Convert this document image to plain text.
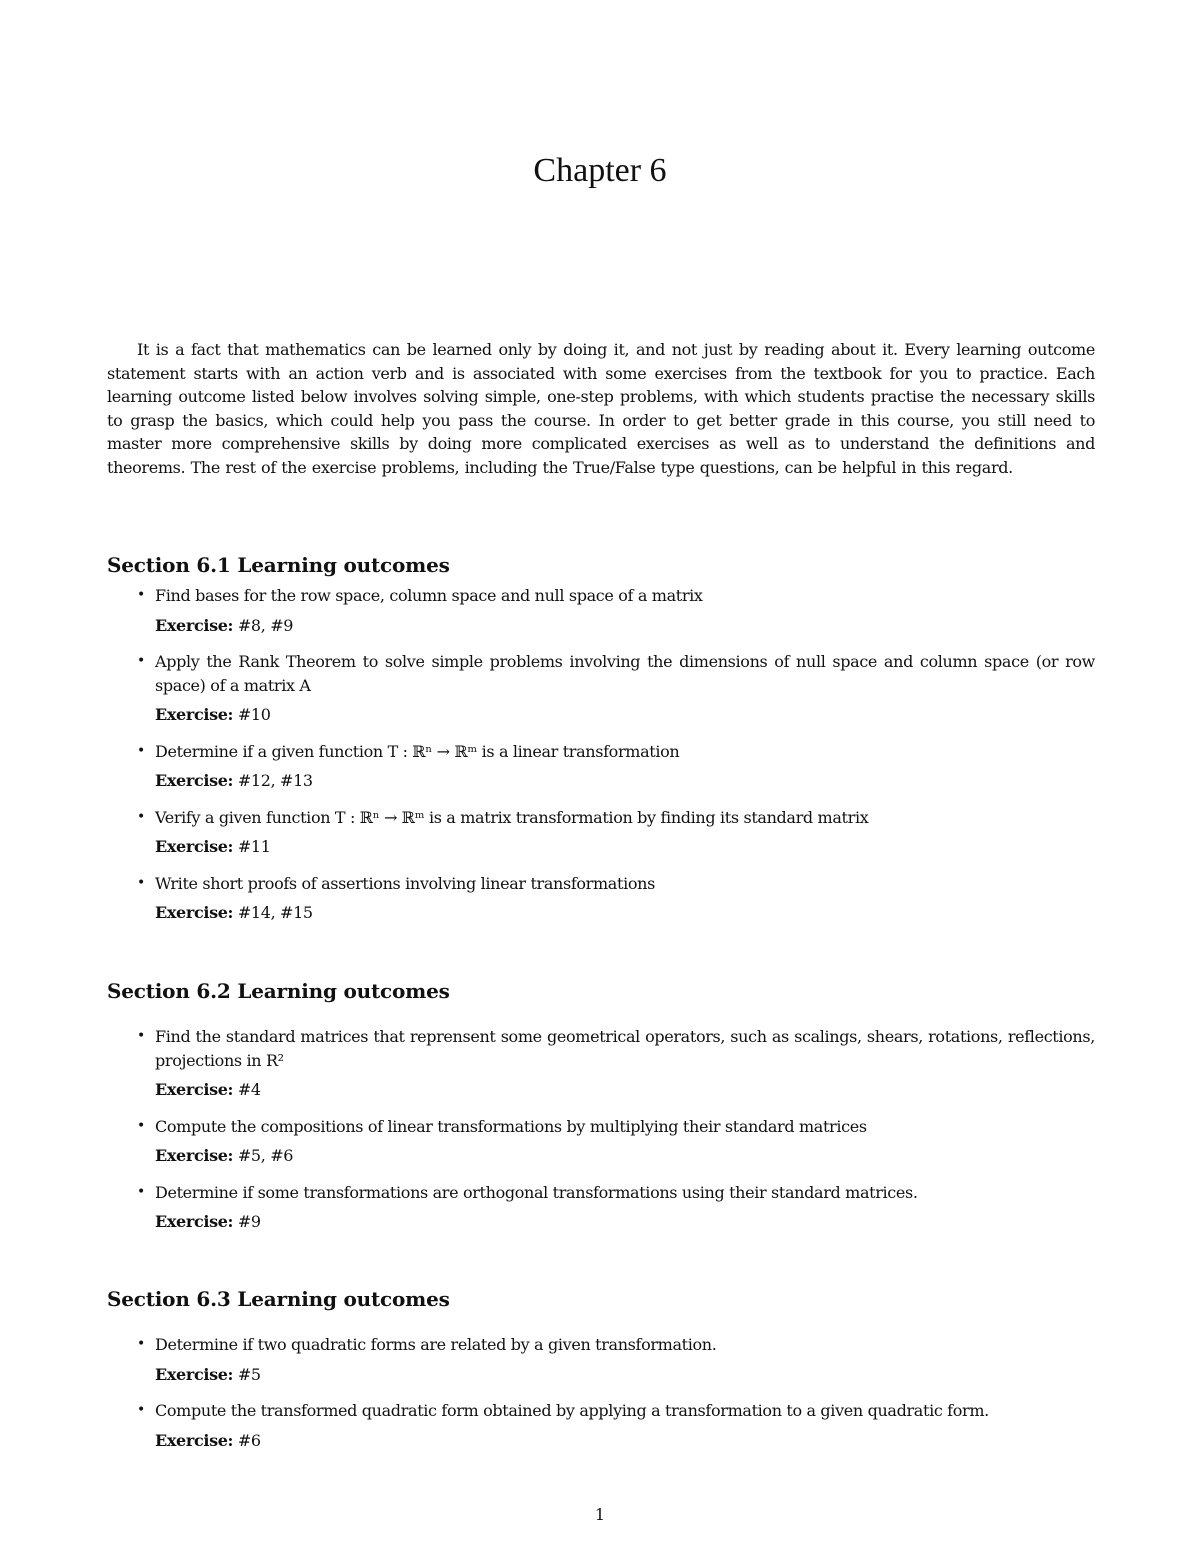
Chapter 6

It is a fact that mathematics can be learned only by doing it, and not just by reading about it. Every learning outcome statement starts with an action verb and is associated with some exercises from the textbook for you to practice. Each learning outcome listed below involves solving simple, one-step problems, with which students practise the necessary skills to grasp the basics, which could help you pass the course. In order to get better grade in this course, you still need to master more comprehensive skills by doing more complicated exercises as well as to understand the definitions and theorems. The rest of the exercise problems, including the True/False type questions, can be helpful in this regard.

Section 6.1 Learning outcomes
• Find bases for the row space, column space and null space of a matrix
Exercise: #8, #9
• Apply the Rank Theorem to solve simple problems involving the dimensions of null space and column space (or row space) of a matrix A
Exercise: #10
• Determine if a given function T : ℝⁿ → ℝᵐ is a linear transformation
Exercise: #12, #13
• Verify a given function T : ℝⁿ → ℝᵐ is a matrix transformation by finding its standard matrix
Exercise: #11
• Write short proofs of assertions involving linear transformations
Exercise: #14, #15
Section 6.2 Learning outcomes
• Find the standard matrices that reprensent some geometrical operators, such as scalings, shears, rotations, reflections, projections in R²
Exercise: #4
• Compute the compositions of linear transformations by multiplying their standard matrices
Exercise: #5, #6
• Determine if some transformations are orthogonal transformations using their standard matrices.
Exercise: #9
Section 6.3 Learning outcomes
• Determine if two quadratic forms are related by a given transformation.
Exercise: #5
• Compute the transformed quadratic form obtained by applying a transformation to a given quadratic form.
Exercise: #6
1
